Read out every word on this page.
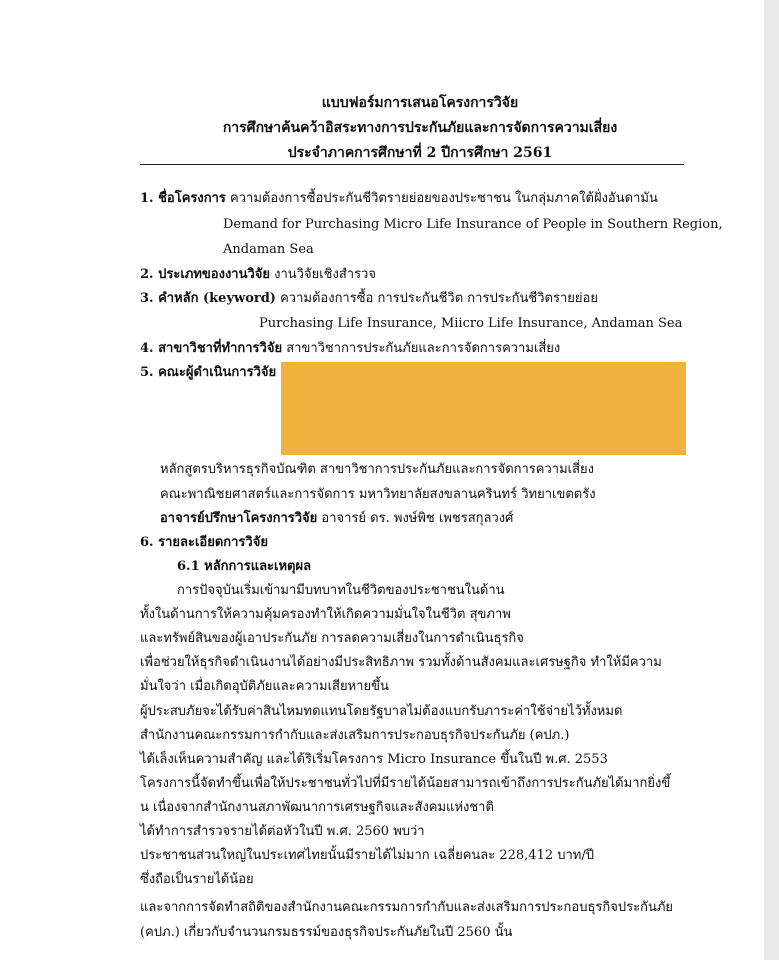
แบบฟอร์มการเสนอโครงการวิจัย
การศึกษาค้นคว้าอิสระทางการประกันภัยและการจัดการความเสี่ยง
ประจำภาคการศึกษาที่ 2 ปีการศึกษา 2561
1. ชื่อโครงการ ความต้องการซื้อประกันชีวิตรายย่อยของประชาชน ในกลุ่มภาคใต้ฝั่งอันดามัน
Demand for Purchasing Micro Life Insurance of People in Southern Region,
Andaman Sea
2. ประเภทของงานวิจัย งานวิจัยเชิงสำรวจ
3. คำหลัก (keyword) ความต้องการซื้อ การประกันชีวิต การประกันชีวิตรายย่อย
Purchasing Life Insurance, Miicro Life Insurance, Andaman Sea
4. สาขาวิชาที่ทำการวิจัย สาขาวิชาการประกันภัยและการจัดการความเสี่ยง
5. คณะผู้ดำเนินการวิจัย
หลักสูตรบริหารธุรกิจบัณฑิต สาขาวิชาการประกันภัยและการจัดการความเสี่ยง
คณะพาณิชยศาสตร์และการจัดการ มหาวิทยาลัยสงขลานครินทร์ วิทยาเขตตรัง
อาจารย์ปรึกษาโครงการวิจัย อาจารย์ ดร. พงษ์พิช เพชรสกุลวงศ์
6. รายละเอียดการวิจัย
6.1 หลักการและเหตุผล
การปัจจุบันเริ่มเข้ามามีบทบาทในชีวิตของประชาชนในด้าน
ทั้งในด้านการให้ความคุ้มครองทำให้เกิดความมั่นใจในชีวิต สุขภาพ
และทรัพย์สินของผู้เอาประกันภัย การลดความเสี่ยงในการดำเนินธุรกิจ
เพื่อช่วยให้ธุรกิจดำเนินงานได้อย่างมีประสิทธิภาพ รวมทั้งด้านสังคมและเศรษฐกิจ ทำให้มีความ
มั่นใจว่า เมื่อเกิดอุบัติภัยและความเสียหายขึ้น
ผู้ประสบภัยจะได้รับค่าสินไหมทดแทนโดยรัฐบาลไม่ต้องแบกรับภาระค่าใช้จ่ายไว้ทั้งหมด
สำนักงานคณะกรรมการกำกับและส่งเสริมการประกอบธุรกิจประกันภัย (คปภ.)
ได้เล็งเห็นความสำคัญ และได้ริเริ่มโครงการ Micro Insurance ขึ้นในปี พ.ศ. 2553
โครงการนี้จัดทำขึ้นเพื่อให้ประชาชนทั่วไปที่มีรายได้น้อยสามารถเข้าถึงการประกันภัยได้มากยิ่งขึ้
น เนื่องจากสำนักงานสภาพัฒนาการเศรษฐกิจและสังคมแห่งชาติ
ได้ทำการสำรวจรายได้ต่อหัวในปี พ.ศ. 2560 พบว่า
ประชาชนส่วนใหญ่ในประเทศไทยนั้นมีรายได้ไม่มาก เฉลี่ยคนละ 228,412 บาท/ปี
ซึ่งถือเป็นรายได้น้อย
และจากการจัดทำสถิติของสำนักงานคณะกรรมการกำกับและส่งเสริมการประกอบธุรกิจประกันภัย
(คปภ.) เกี่ยวกับจำนวนกรมธรรม์ของธุรกิจประกันภัยในปี 2560 นั้น
